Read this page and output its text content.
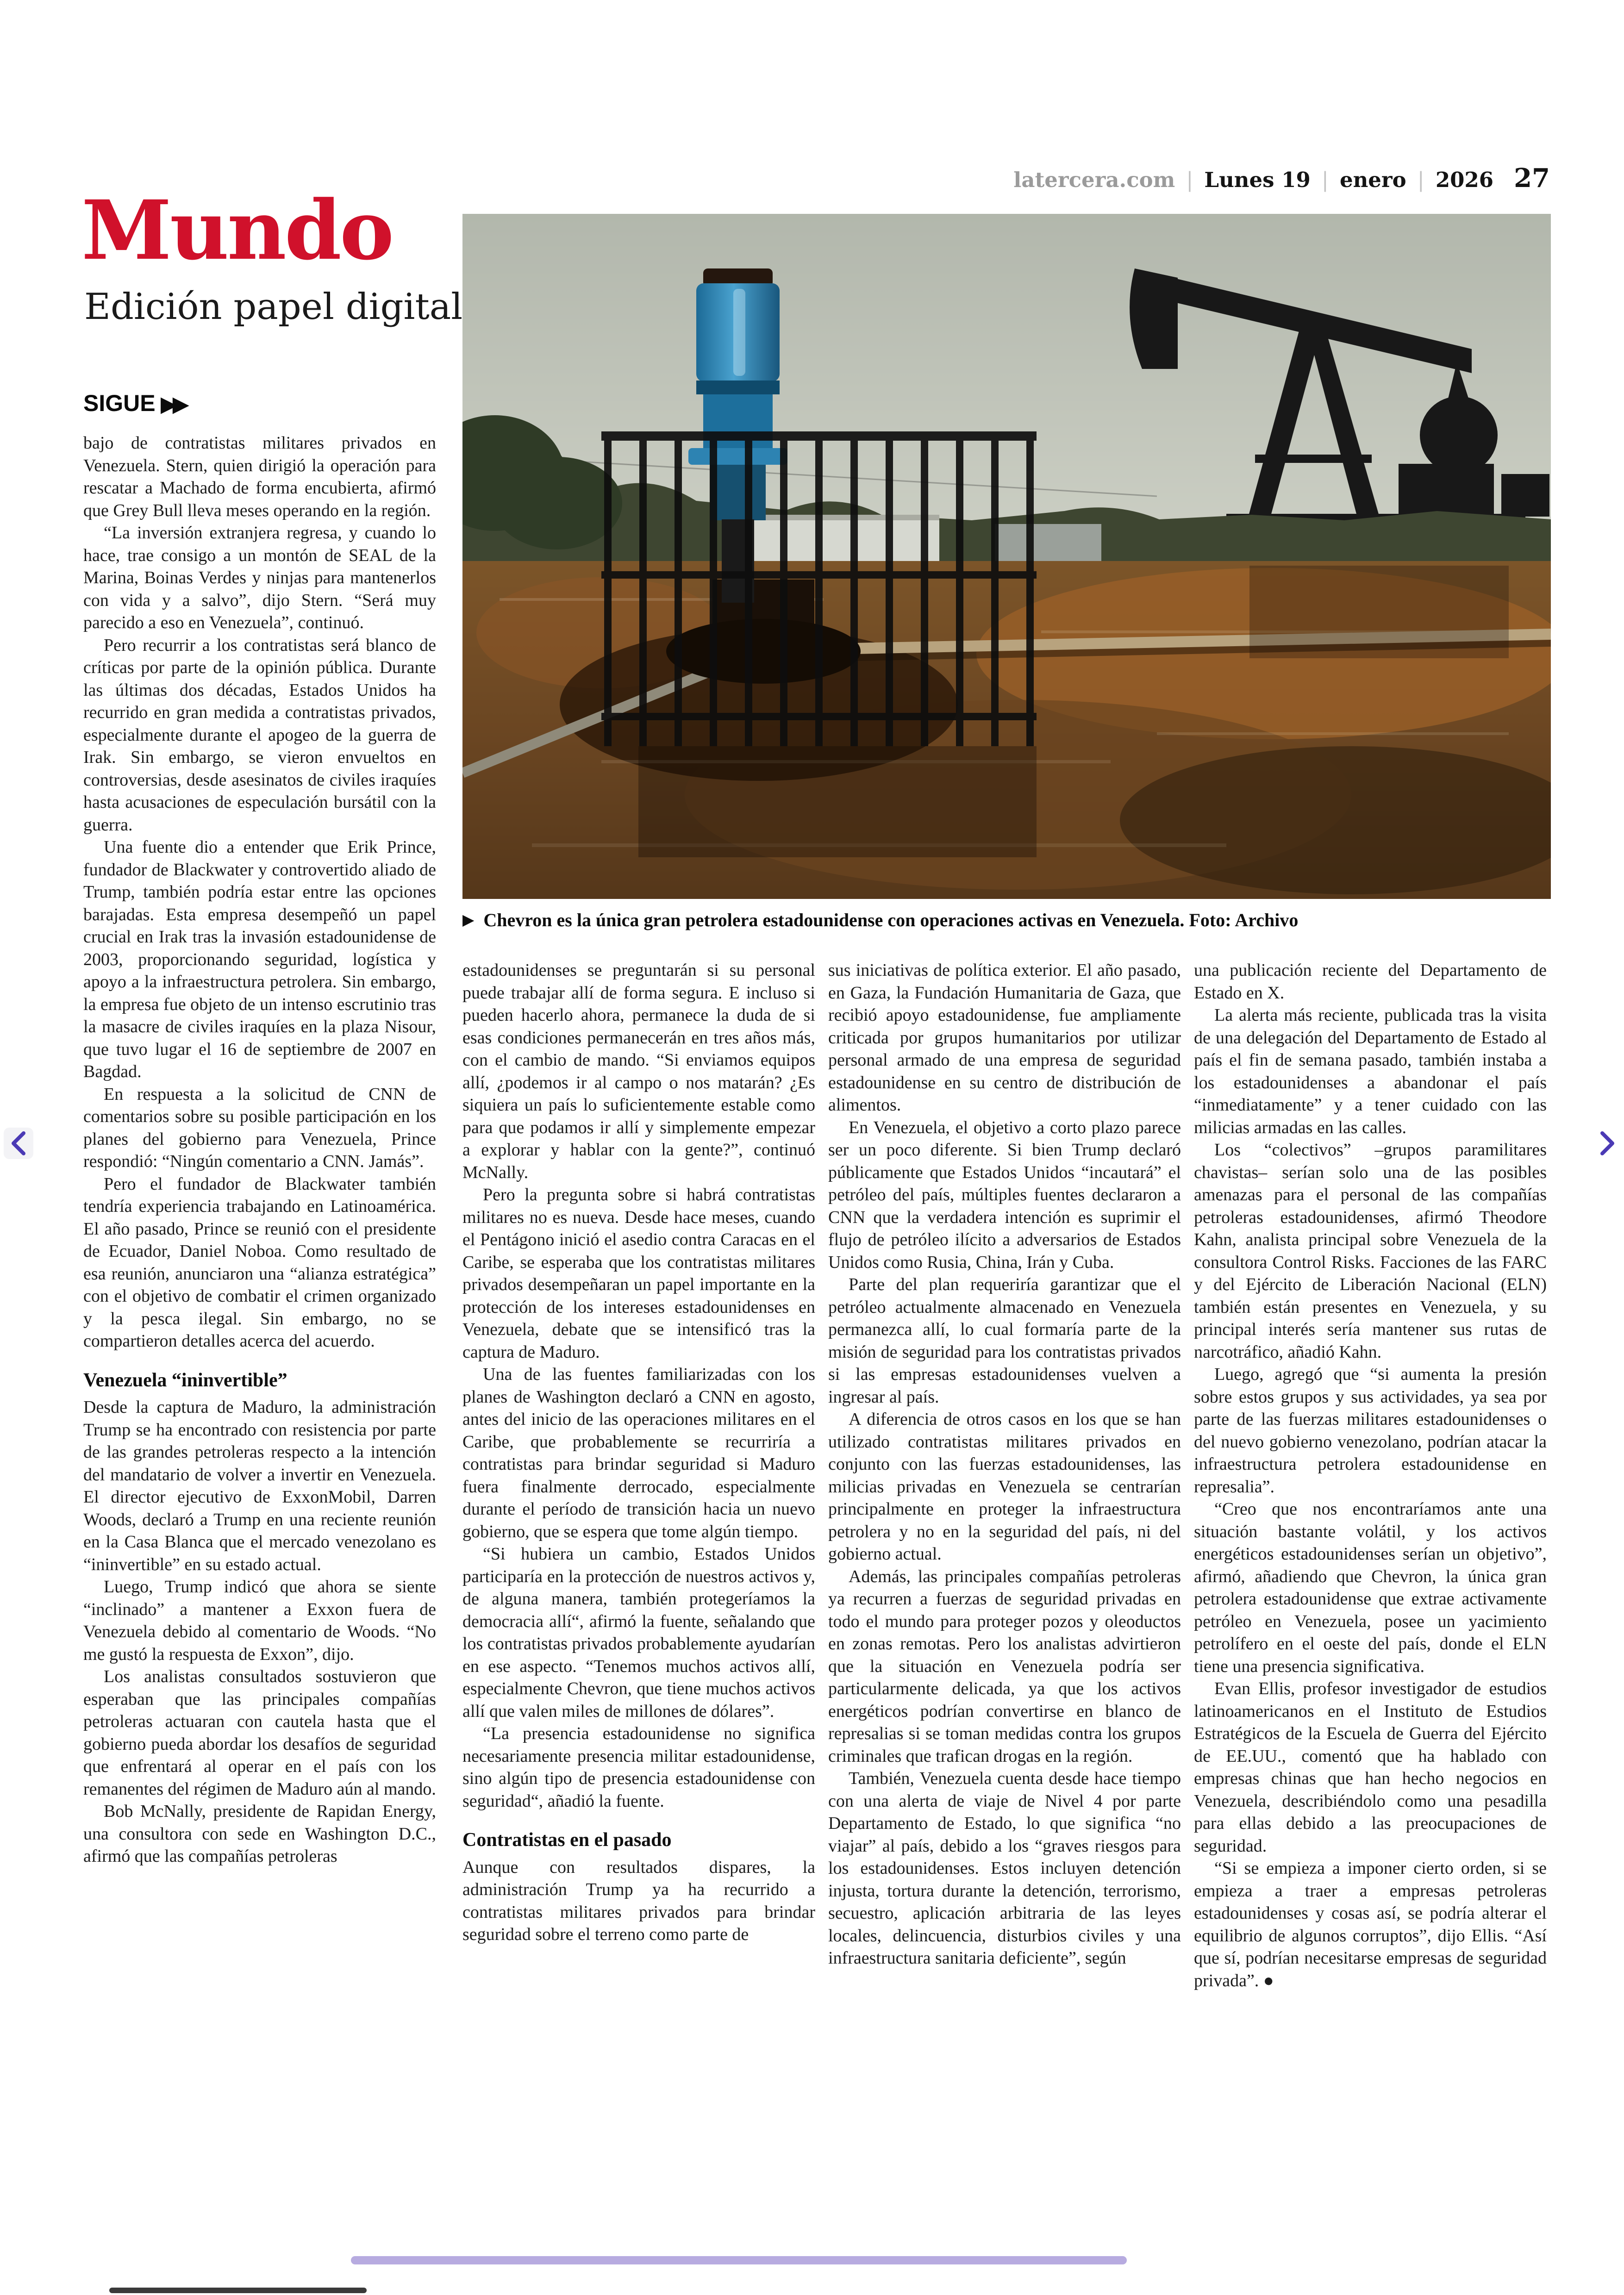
latercera.com | Lunes 19 | enero | 2026 27
Mundo
Edición papel digital
SIGUE ▶▶

bajo de contratistas militares privados en Venezuela. Stern, quien dirigió la operación para rescatar a Machado de forma encubierta, afirmó que Grey Bull lleva meses operando en la región.

“La inversión extranjera regresa, y cuando lo hace, trae consigo a un montón de SEAL de la Marina, Boinas Verdes y ninjas para mantenerlos con vida y a salvo”, dijo Stern. “Será muy parecido a eso en Venezuela”, continuó.

Pero recurrir a los contratistas será blanco de críticas por parte de la opinión pública. Durante las últimas dos décadas, Estados Unidos ha recurrido en gran medida a contratistas privados, especialmente durante el apogeo de la guerra de Irak. Sin embargo, se vieron envueltos en controversias, desde asesinatos de civiles iraquíes hasta acusaciones de especulación bursátil con la guerra.

Una fuente dio a entender que Erik Prince, fundador de Blackwater y controvertido aliado de Trump, también podría estar entre las opciones barajadas. Esta empresa desempeñó un papel crucial en Irak tras la invasión estadounidense de 2003, proporcionando seguridad, logística y apoyo a la infraestructura petrolera. Sin embargo, la empresa fue objeto de un intenso escrutinio tras la masacre de civiles iraquíes en la plaza Nisour, que tuvo lugar el 16 de septiembre de 2007 en Bagdad.

En respuesta a la solicitud de CNN de comentarios sobre su posible participación en los planes del gobierno para Venezuela, Prince respondió: “Ningún comentario a CNN. Jamás”.

Pero el fundador de Blackwater también tendría experiencia trabajando en Latinoamérica. El año pasado, Prince se reunió con el presidente de Ecuador, Daniel Noboa. Como resultado de esa reunión, anunciaron una “alianza estratégica” con el objetivo de combatir el crimen organizado y la pesca ilegal. Sin embargo, no se compartieron detalles acerca del acuerdo.

Venezuela “ininvertible”

Desde la captura de Maduro, la administración Trump se ha encontrado con resistencia por parte de las grandes petroleras respecto a la intención del mandatario de volver a invertir en Venezuela. El director ejecutivo de ExxonMobil, Darren Woods, declaró a Trump en una reciente reunión en la Casa Blanca que el mercado venezolano es “ininvertible” en su estado actual.

Luego, Trump indicó que ahora se siente “inclinado” a mantener a Exxon fuera de Venezuela debido al comentario de Woods. “No me gustó la respuesta de Exxon”, dijo.

Los analistas consultados sostuvieron que esperaban que las principales compañías petroleras actuaran con cautela hasta que el gobierno pueda abordar los desafíos de seguridad que enfrentará al operar en el país con los remanentes del régimen de Maduro aún al mando.

Bob McNally, presidente de Rapidan Energy, una consultora con sede en Washington D.C., afirmó que las compañías petroleras

▶ Chevron es la única gran petrolera estadounidense con operaciones activas en Venezuela. Foto: Archivo

estadounidenses se preguntarán si su personal puede trabajar allí de forma segura. E incluso si pueden hacerlo ahora, permanece la duda de si esas condiciones permanecerán en tres años más, con el cambio de mando. “Si enviamos equipos allí, ¿podemos ir al campo o nos matarán? ¿Es siquiera un país lo suficientemente estable como para que podamos ir allí y simplemente empezar a explorar y hablar con la gente?”, continuó McNally.

Pero la pregunta sobre si habrá contratistas militares no es nueva. Desde hace meses, cuando el Pentágono inició el asedio contra Caracas en el Caribe, se esperaba que los contratistas militares privados desempeñaran un papel importante en la protección de los intereses estadounidenses en Venezuela, debate que se intensificó tras la captura de Maduro.

Una de las fuentes familiarizadas con los planes de Washington declaró a CNN en agosto, antes del inicio de las operaciones militares en el Caribe, que probablemente se recurriría a contratistas para brindar seguridad si Maduro fuera finalmente derrocado, especialmente durante el período de transición hacia un nuevo gobierno, que se espera que tome algún tiempo.

“Si hubiera un cambio, Estados Unidos participaría en la protección de nuestros activos y, de alguna manera, también protegeríamos la democracia allí“, afirmó la fuente, señalando que los contratistas privados probablemente ayudarían en ese aspecto. “Tenemos muchos activos allí, especialmente Chevron, que tiene muchos activos allí que valen miles de millones de dólares”.

“La presencia estadounidense no significa necesariamente presencia militar estadounidense, sino algún tipo de presencia estadounidense con seguridad“, añadió la fuente.

Contratistas en el pasado

Aunque con resultados dispares, la administración Trump ya ha recurrido a contratistas militares privados para brindar seguridad sobre el terreno como parte de

sus iniciativas de política exterior. El año pasado, en Gaza, la Fundación Humanitaria de Gaza, que recibió apoyo estadounidense, fue ampliamente criticada por grupos humanitarios por utilizar personal armado de una empresa de seguridad estadounidense en su centro de distribución de alimentos.

En Venezuela, el objetivo a corto plazo parece ser un poco diferente. Si bien Trump declaró públicamente que Estados Unidos “incautará” el petróleo del país, múltiples fuentes declararon a CNN que la verdadera intención es suprimir el flujo de petróleo ilícito a adversarios de Estados Unidos como Rusia, China, Irán y Cuba.

Parte del plan requeriría garantizar que el petróleo actualmente almacenado en Venezuela permanezca allí, lo cual formaría parte de la misión de seguridad para los contratistas privados si las empresas estadounidenses vuelven a ingresar al país.

A diferencia de otros casos en los que se han utilizado contratistas militares privados en conjunto con las fuerzas estadounidenses, las milicias privadas en Venezuela se centrarían principalmente en proteger la infraestructura petrolera y no en la seguridad del país, ni del gobierno actual.

Además, las principales compañías petroleras ya recurren a fuerzas de seguridad privadas en todo el mundo para proteger pozos y oleoductos en zonas remotas. Pero los analistas advirtieron que la situación en Venezuela podría ser particularmente delicada, ya que los activos energéticos podrían convertirse en blanco de represalias si se toman medidas contra los grupos criminales que trafican drogas en la región.

También, Venezuela cuenta desde hace tiempo con una alerta de viaje de Nivel 4 por parte Departamento de Estado, lo que significa “no viajar” al país, debido a los “graves riesgos para los estadounidenses. Estos incluyen detención injusta, tortura durante la detención, terrorismo, secuestro, aplicación arbitraria de las leyes locales, delincuencia, disturbios civiles y una infraestructura sanitaria deficiente”, según

una publicación reciente del Departamento de Estado en X.

La alerta más reciente, publicada tras la visita de una delegación del Departamento de Estado al país el fin de semana pasado, también instaba a los estadounidenses a abandonar el país “inmediatamente” y a tener cuidado con las milicias armadas en las calles.

Los “colectivos” –grupos paramilitares chavistas– serían solo una de las posibles amenazas para el personal de las compañías petroleras estadounidenses, afirmó Theodore Kahn, analista principal sobre Venezuela de la consultora Control Risks. Facciones de las FARC y del Ejército de Liberación Nacional (ELN) también están presentes en Venezuela, y su principal interés sería mantener sus rutas de narcotráfico, añadió Kahn.

Luego, agregó que “si aumenta la presión sobre estos grupos y sus actividades, ya sea por parte de las fuerzas militares estadounidenses o del nuevo gobierno venezolano, podrían atacar la infraestructura petrolera estadounidense en represalia”.

“Creo que nos encontraríamos ante una situación bastante volátil, y los activos energéticos estadounidenses serían un objetivo”, afirmó, añadiendo que Chevron, la única gran petrolera estadounidense que extrae activamente petróleo en Venezuela, posee un yacimiento petrolífero en el oeste del país, donde el ELN tiene una presencia significativa.

Evan Ellis, profesor investigador de estudios latinoamericanos en el Instituto de Estudios Estratégicos de la Escuela de Guerra del Ejército de EE.UU., comentó que ha hablado con empresas chinas que han hecho negocios en Venezuela, describiéndolo como una pesadilla para ellas debido a las preocupaciones de seguridad.

“Si se empieza a imponer cierto orden, si se empieza a traer a empresas petroleras estadounidenses y cosas así, se podría alterar el equilibrio de algunos corruptos”, dijo Ellis. “Así que sí, podrían necesitarse empresas de seguridad privada”. ●
